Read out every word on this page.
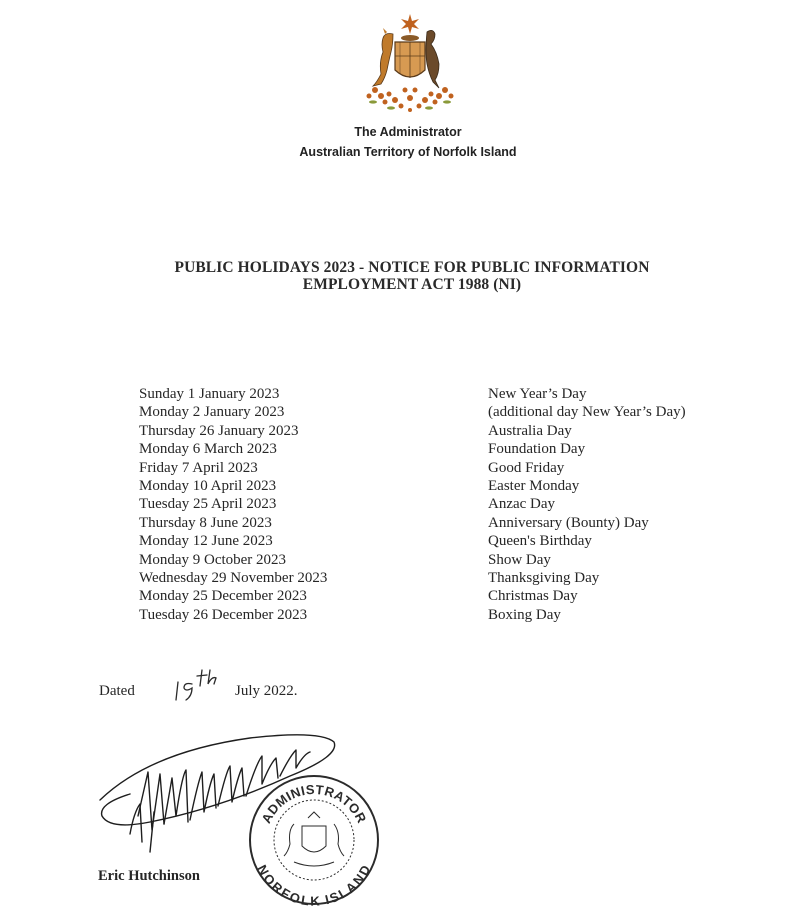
The Administrator
Australian Territory of Norfolk Island
PUBLIC HOLIDAYS 2023 - NOTICE FOR PUBLIC INFORMATION
EMPLOYMENT ACT 1988 (NI)
Sunday 1 January 2023	New Year’s Day
Monday 2 January 2023	(additional day New Year’s Day)
Thursday 26 January 2023	Australia Day
Monday 6 March 2023	Foundation Day
Friday 7 April 2023	Good Friday
Monday 10 April 2023	Easter Monday
Tuesday 25 April 2023	Anzac Day
Thursday 8 June 2023	Anniversary (Bounty) Day
Monday 12 June 2023	Queen's Birthday
Monday 9 October 2023	Show Day
Wednesday 29 November 2023	Thanksgiving Day
Monday 25 December 2023	Christmas Day
Tuesday 26 December 2023	Boxing Day
Dated	July 2022.
ADMINISTRATOR
NORFOLK ISLAND
Eric Hutchinson
